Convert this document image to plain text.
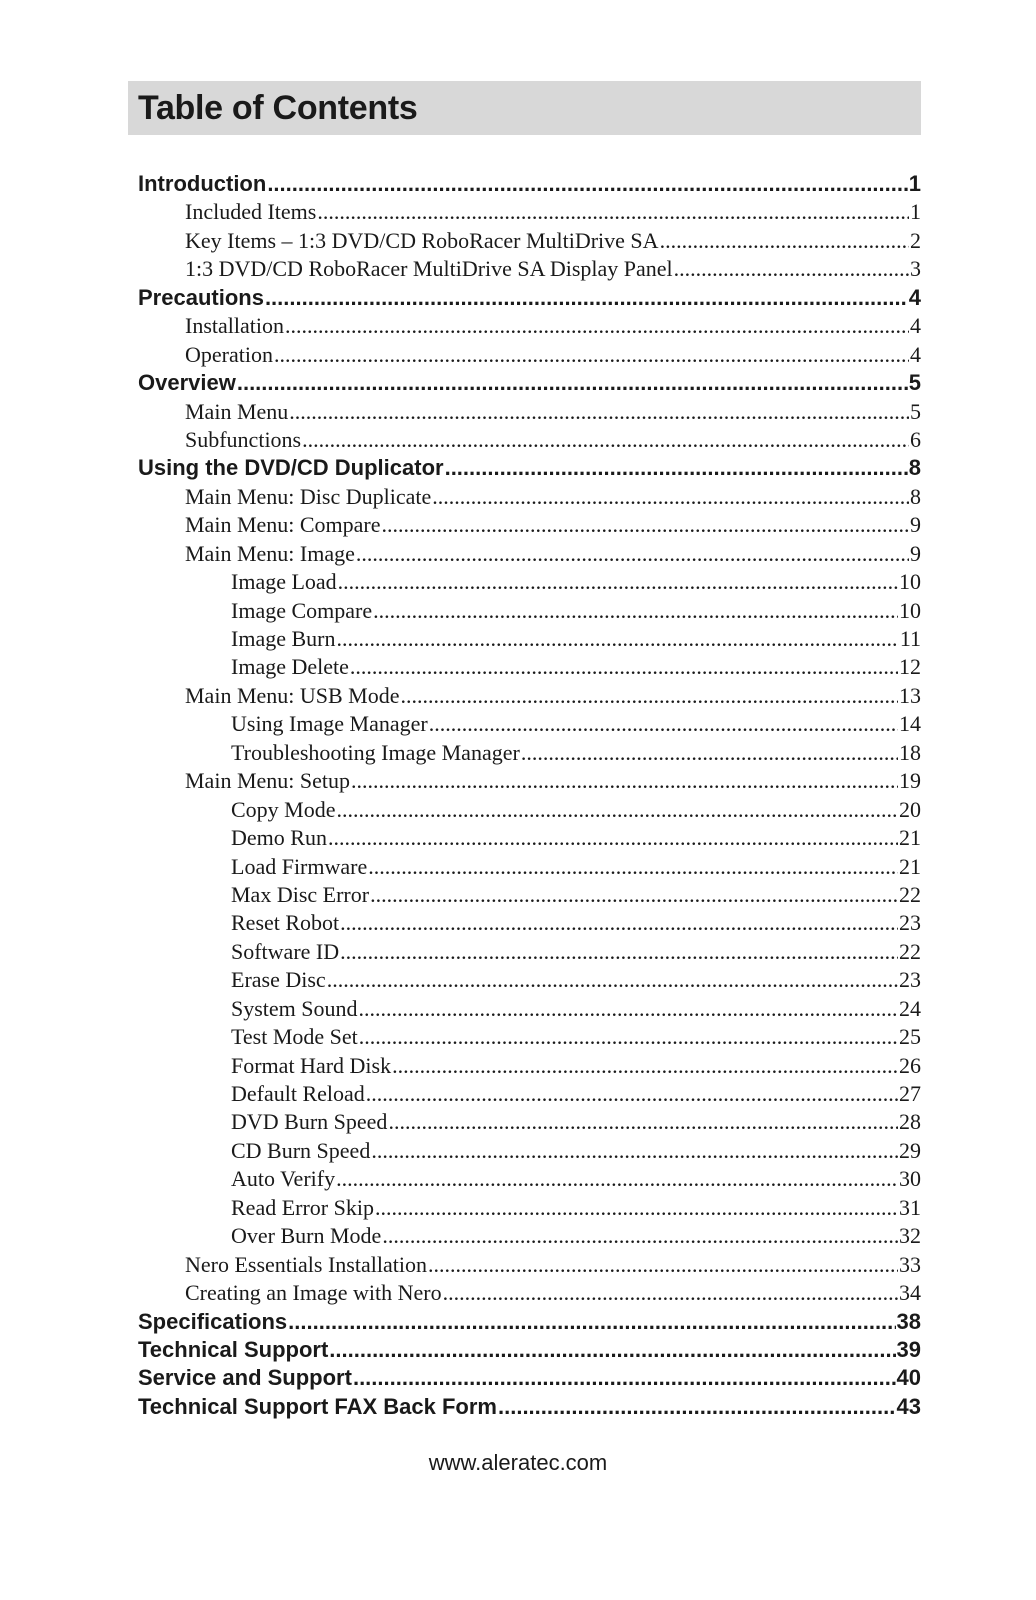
Table of Contents
Introduction .....	1
Included Items .....	1
Key Items – 1:3 DVD/CD RoboRacer MultiDrive SA .....	2
1:3 DVD/CD RoboRacer MultiDrive SA Display Panel .....	3
Precautions .....	4
Installation .....	4
Operation .....	4
Overview .....	5
Main Menu .....	5
Subfunctions .....	6
Using the DVD/CD Duplicator .....	8
Main Menu: Disc Duplicate .....	8
Main Menu: Compare .....	9
Main Menu: Image .....	9
Image Load .....	10
Image Compare .....	10
Image Burn .....	11
Image Delete .....	12
Main Menu: USB Mode .....	13
Using Image Manager .....	14
Troubleshooting Image Manager .....	18
Main Menu: Setup .....	19
Copy Mode .....	20
Demo Run .....	21
Load Firmware .....	21
Max Disc Error .....	22
Reset Robot .....	23
Software ID .....	22
Erase Disc .....	23
System Sound .....	24
Test Mode Set .....	25
Format Hard Disk .....	26
Default Reload .....	27
DVD Burn Speed .....	28
CD Burn Speed .....	29
Auto Verify .....	30
Read Error Skip .....	31
Over Burn Mode .....	32
Nero Essentials Installation .....	33
Creating an Image with Nero .....	34
Specifications .....	38
Technical Support .....	39
Service and Support .....	40
Technical Support FAX Back Form .....	43
www.aleratec.com
